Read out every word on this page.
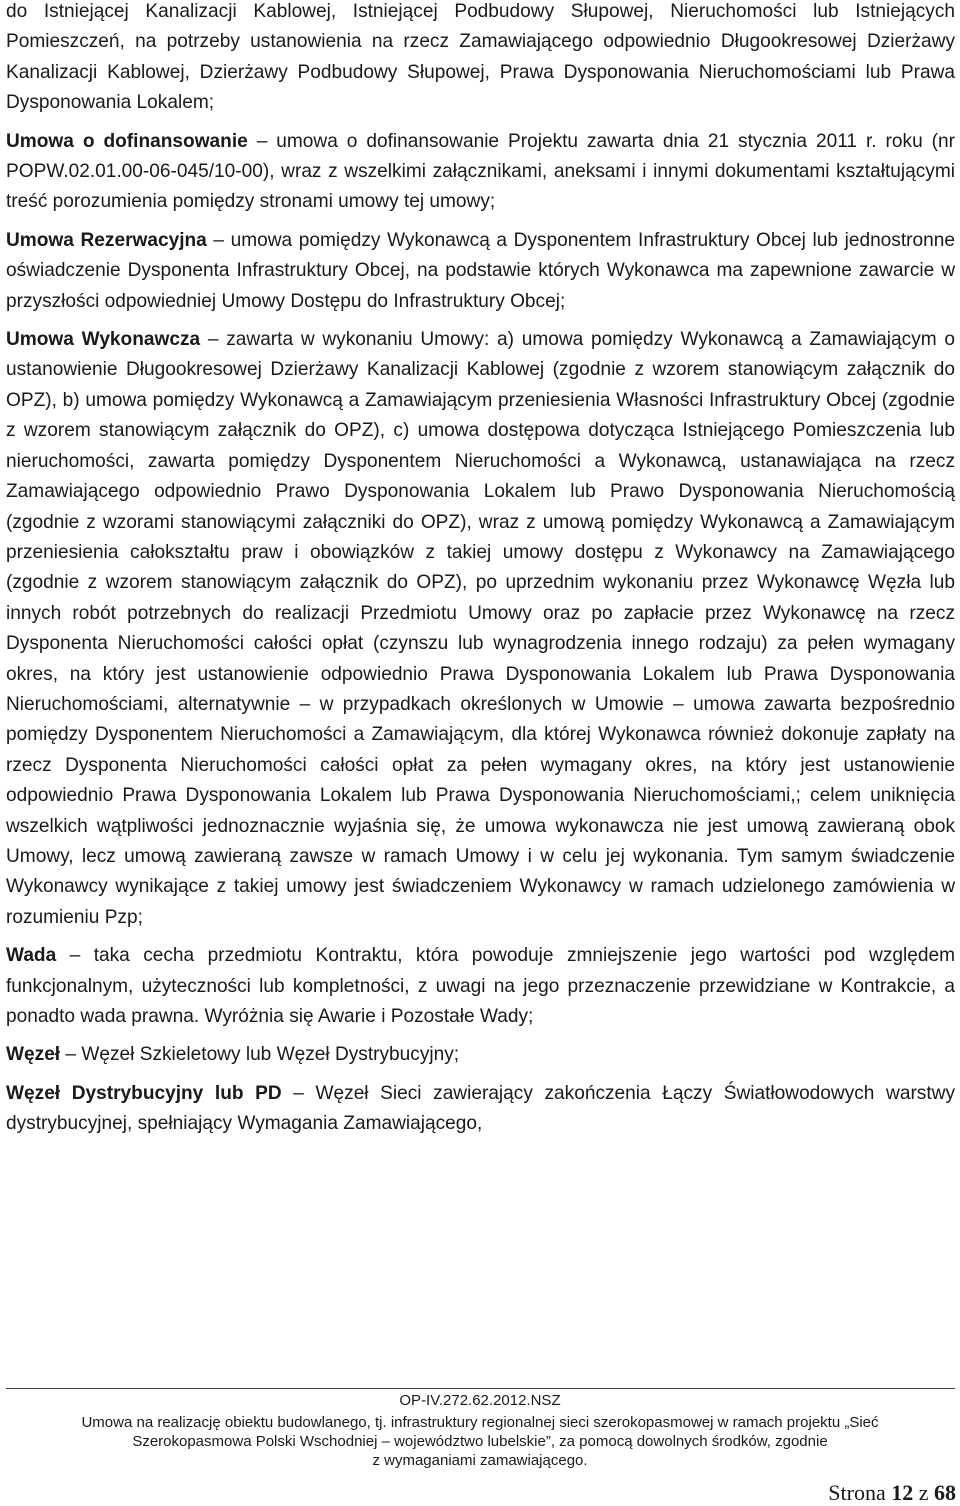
do Istniejącej Kanalizacji Kablowej, Istniejącej Podbudowy Słupowej, Nieruchomości lub Istniejących Pomieszczeń, na potrzeby ustanowienia na rzecz Zamawiającego odpowiednio Długookresowej Dzierżawy Kanalizacji Kablowej, Dzierżawy Podbudowy Słupowej, Prawa Dysponowania Nieruchomościami lub Prawa Dysponowania Lokalem;

Umowa o dofinansowanie – umowa o dofinansowanie Projektu zawarta dnia 21 stycznia 2011 r. roku (nr POPW.02.01.00-06-045/10-00), wraz z wszelkimi załącznikami, aneksami i innymi dokumentami kształtującymi treść porozumienia pomiędzy stronami umowy tej umowy;

Umowa Rezerwacyjna – umowa pomiędzy Wykonawcą a Dysponentem Infrastruktury Obcej lub jednostronne oświadczenie Dysponenta Infrastruktury Obcej, na podstawie których Wykonawca ma zapewnione zawarcie w przyszłości odpowiedniej Umowy Dostępu do Infrastruktury Obcej;

Umowa Wykonawcza – zawarta w wykonaniu Umowy: a) umowa pomiędzy Wykonawcą a Zamawiającym o ustanowienie Długookresowej Dzierżawy Kanalizacji Kablowej (zgodnie z wzorem stanowiącym załącznik do OPZ), b) umowa pomiędzy Wykonawcą a Zamawiającym przeniesienia Własności Infrastruktury Obcej (zgodnie z wzorem stanowiącym załącznik do OPZ), c) umowa dostępowa dotycząca Istniejącego Pomieszczenia lub nieruchomości, zawarta pomiędzy Dysponentem Nieruchomości a Wykonawcą, ustanawiająca na rzecz Zamawiającego odpowiednio Prawo Dysponowania Lokalem lub Prawo Dysponowania Nieruchomością (zgodnie z wzorami stanowiącymi załączniki do OPZ), wraz z umową pomiędzy Wykonawcą a Zamawiającym przeniesienia całokształtu praw i obowiązków z takiej umowy dostępu z Wykonawcy na Zamawiającego (zgodnie z wzorem stanowiącym załącznik do OPZ), po uprzednim wykonaniu przez Wykonawcę Węzła lub innych robót potrzebnych do realizacji Przedmiotu Umowy oraz po zapłacie przez Wykonawcę na rzecz Dysponenta Nieruchomości całości opłat (czynszu lub wynagrodzenia innego rodzaju) za pełen wymagany okres, na który jest ustanowienie odpowiednio Prawa Dysponowania Lokalem lub Prawa Dysponowania Nieruchomościami, alternatywnie – w przypadkach określonych w Umowie – umowa zawarta bezpośrednio pomiędzy Dysponentem Nieruchomości a Zamawiającym, dla której Wykonawca również dokonuje zapłaty na rzecz Dysponenta Nieruchomości całości opłat za pełen wymagany okres, na który jest ustanowienie odpowiednio Prawa Dysponowania Lokalem lub Prawa Dysponowania Nieruchomościami,; celem uniknięcia wszelkich wątpliwości jednoznacznie wyjaśnia się, że umowa wykonawcza nie jest umową zawieraną obok Umowy, lecz umową zawieraną zawsze w ramach Umowy i w celu jej wykonania. Tym samym świadczenie Wykonawcy wynikające z takiej umowy jest świadczeniem Wykonawcy w ramach udzielonego zamówienia w rozumieniu Pzp;

Wada – taka cecha przedmiotu Kontraktu, która powoduje zmniejszenie jego wartości pod względem funkcjonalnym, użyteczności lub kompletności, z uwagi na jego przeznaczenie przewidziane w Kontrakcie, a ponadto wada prawna. Wyróżnia się Awarie i Pozostałe Wady;

Węzeł – Węzeł Szkieletowy lub Węzeł Dystrybucyjny;

Węzeł Dystrybucyjny lub PD – Węzeł Sieci zawierający zakończenia Łączy Światłowodowych warstwy dystrybucyjnej, spełniający Wymagania Zamawiającego,

OP-IV.272.62.2012.NSZ
Umowa na realizację obiektu budowlanego, tj. infrastruktury regionalnej sieci szerokopasmowej w ramach projektu „Sieć
Szerokopasmowa Polski Wschodniej – województwo lubelskie”, za pomocą dowolnych środków, zgodnie
z wymaganiami zamawiającego.
Strona 12 z 68
